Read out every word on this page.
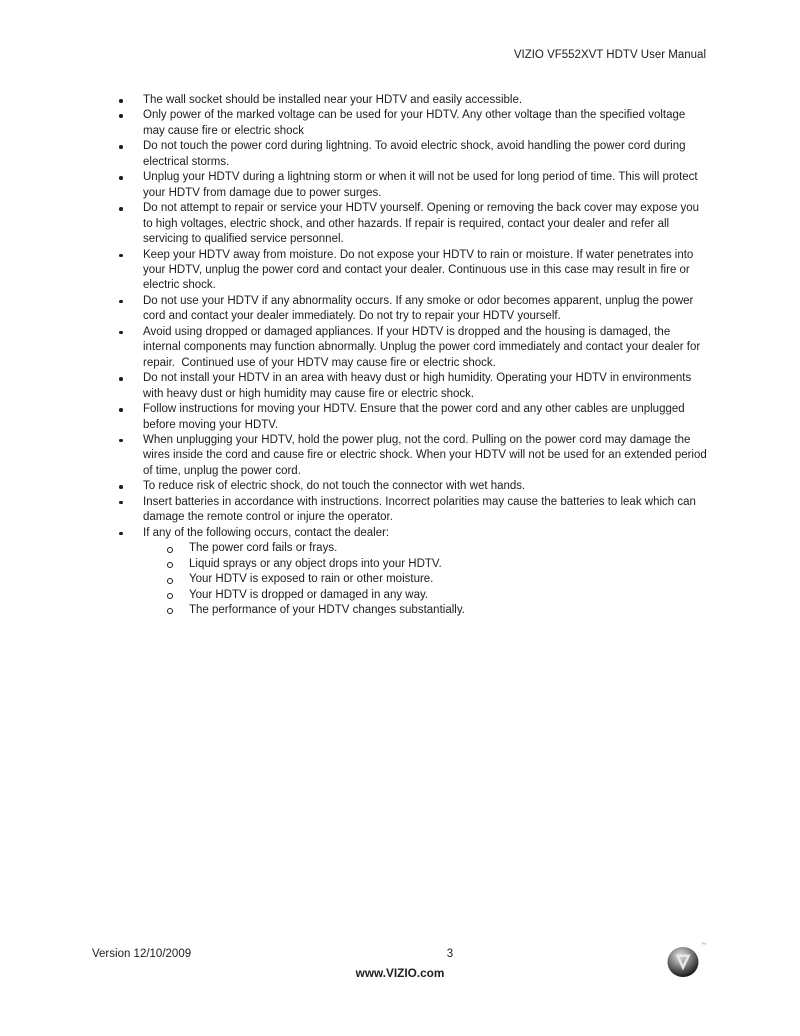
VIZIO VF552XVT HDTV User Manual
The wall socket should be installed near your HDTV and easily accessible.
Only power of the marked voltage can be used for your HDTV. Any other voltage than the specified voltage may cause fire or electric shock
Do not touch the power cord during lightning. To avoid electric shock, avoid handling the power cord during electrical storms.
Unplug your HDTV during a lightning storm or when it will not be used for long period of time. This will protect your HDTV from damage due to power surges.
Do not attempt to repair or service your HDTV yourself. Opening or removing the back cover may expose you to high voltages, electric shock, and other hazards. If repair is required, contact your dealer and refer all servicing to qualified service personnel.
Keep your HDTV away from moisture. Do not expose your HDTV to rain or moisture. If water penetrates into your HDTV, unplug the power cord and contact your dealer. Continuous use in this case may result in fire or electric shock.
Do not use your HDTV if any abnormality occurs. If any smoke or odor becomes apparent, unplug the power cord and contact your dealer immediately. Do not try to repair your HDTV yourself.
Avoid using dropped or damaged appliances. If your HDTV is dropped and the housing is damaged, the internal components may function abnormally. Unplug the power cord immediately and contact your dealer for repair.  Continued use of your HDTV may cause fire or electric shock.
Do not install your HDTV in an area with heavy dust or high humidity. Operating your HDTV in environments with heavy dust or high humidity may cause fire or electric shock.
Follow instructions for moving your HDTV. Ensure that the power cord and any other cables are unplugged before moving your HDTV.
When unplugging your HDTV, hold the power plug, not the cord. Pulling on the power cord may damage the wires inside the cord and cause fire or electric shock. When your HDTV will not be used for an extended period of time, unplug the power cord.
To reduce risk of electric shock, do not touch the connector with wet hands.
Insert batteries in accordance with instructions. Incorrect polarities may cause the batteries to leak which can damage the remote control or injure the operator.
If any of the following occurs, contact the dealer:
The power cord fails or frays.
Liquid sprays or any object drops into your HDTV.
Your HDTV is exposed to rain or other moisture.
Your HDTV is dropped or damaged in any way.
The performance of your HDTV changes substantially.
Version 12/10/2009	3
www.VIZIO.com
™
